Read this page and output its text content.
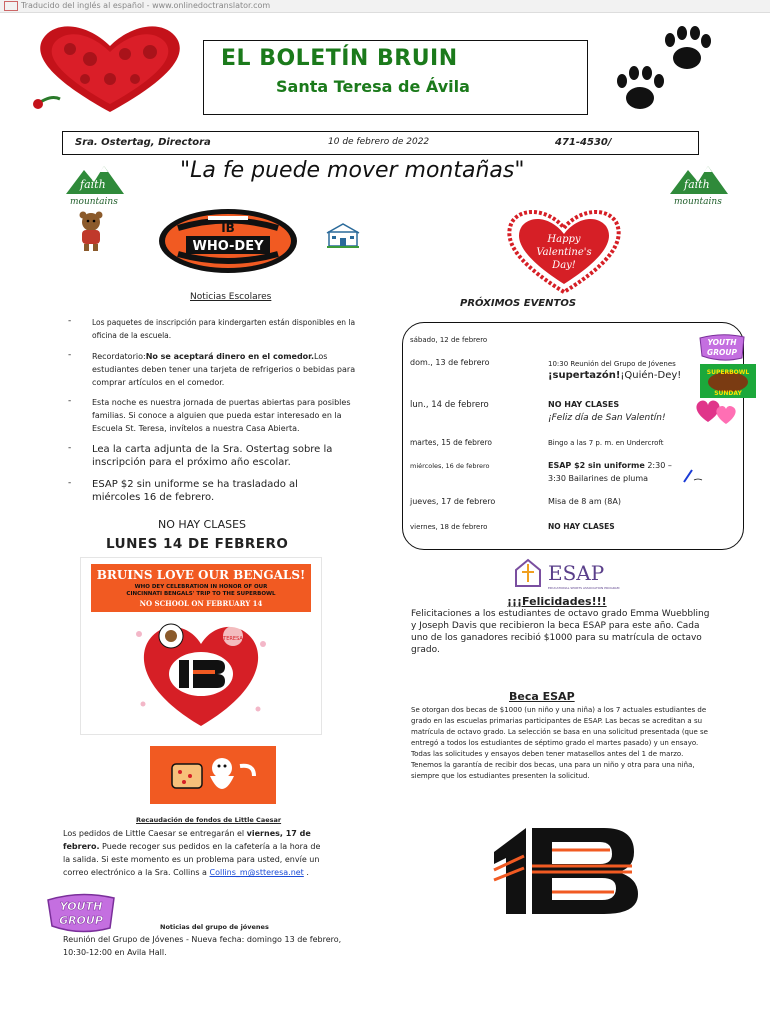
Traducido del inglés al español - www.onlinedoctranslator.com
EL BOLETÍN BRUIN
Santa Teresa de Ávila
Sra. Ostertag, Directora	10 de febrero de 2022	471-4530/
"La fe puede mover montañas"
faith
mountains
faith
mountains
IB
WHO-DEY	Happy
Valentine's
Day!
Noticias Escolares
-	Los paquetes de inscripción para kindergarten están disponibles en la oficina de la escuela.
-	Recordatorio:No se aceptará dinero en el comedor.Los estudiantes deben tener una tarjeta de refrigerios o bebidas para comprar artículos en el comedor.
-	Esta noche es nuestra jornada de puertas abiertas para posibles familias. Si conoce a alguien que pueda estar interesado en la Escuela St. Teresa, invítelos a nuestra Casa Abierta.
- Lea la carta adjunta de la Sra. Ostertag sobre la inscripción para el próximo año escolar.
- ESAP $2 sin uniforme se ha trasladado al miércoles 16 de febrero.
NO HAY CLASES
LUNES 14 DE FEBRERO
BRUINS LOVE OUR BENGALS!
WHO DEY CELEBRATION IN HONOR OF OUR
CINCINNATI BENGALS' TRIP TO THE SUPERBOWL
NO SCHOOL ON FEBRUARY 14
TERESA
Recaudación de fondos de Little Caesar
Los pedidos de Little Caesar se entregarán el viernes, 17 de febrero. Puede recoger sus pedidos en la cafetería a la hora de la salida. Si este momento es un problema para usted, envíe un correo electrónico a la Sra. Collins a Collins_m@stteresa.net .
YOUTH
GROUP	Noticias del grupo de jóvenes
Reunión del Grupo de Jóvenes - Nueva fecha: domingo 13 de febrero, 10:30-12:00 en Avila Hall.
PRÓXIMOS EVENTOS
sábado, 12 de febrero
dom., 13 de febrero	10:30 Reunión del Grupo de Jóvenes
¡supertazón!¡Quién-Dey!
lun., 14 de febrero	NO HAY CLASES
¡Feliz día de San Valentín!
martes, 15 de febrero	Bingo a las 7 p. m. en Undercroft
miércoles, 16 de febrero	ESAP $2 sin uniforme 2:30 –
3:30 Bailarines de pluma
jueves, 17 de febrero	Misa de 8 am (8A)
viernes, 18 de febrero	NO HAY CLASES
YOUTH
GROUP
SUPERBOWL
SUNDAY
ESAP
EDUCATIONAL SPORTS ASSOCIATION PROGRAM
¡¡¡Felicidades!!!
Felicitaciones a los estudiantes de octavo grado Emma Wuebbling y Joseph Davis que recibieron la beca ESAP para este año. Cada uno de los ganadores recibió $1000 para su matrícula de octavo grado.
Beca ESAP
Se otorgan dos becas de $1000 (un niño y una niña) a los 7 actuales estudiantes de grado en las escuelas primarias participantes de ESAP. Las becas se acreditan a su matrícula de octavo grado. La selección se basa en una solicitud presentada (que se entregó a todos los estudiantes de séptimo grado el martes pasado) y un ensayo. Todas las solicitudes y ensayos deben tener matasellos antes del 1 de marzo. Tenemos la garantía de recibir dos becas, una para un niño y otra para una niña, siempre que los estudiantes presenten la solicitud.
